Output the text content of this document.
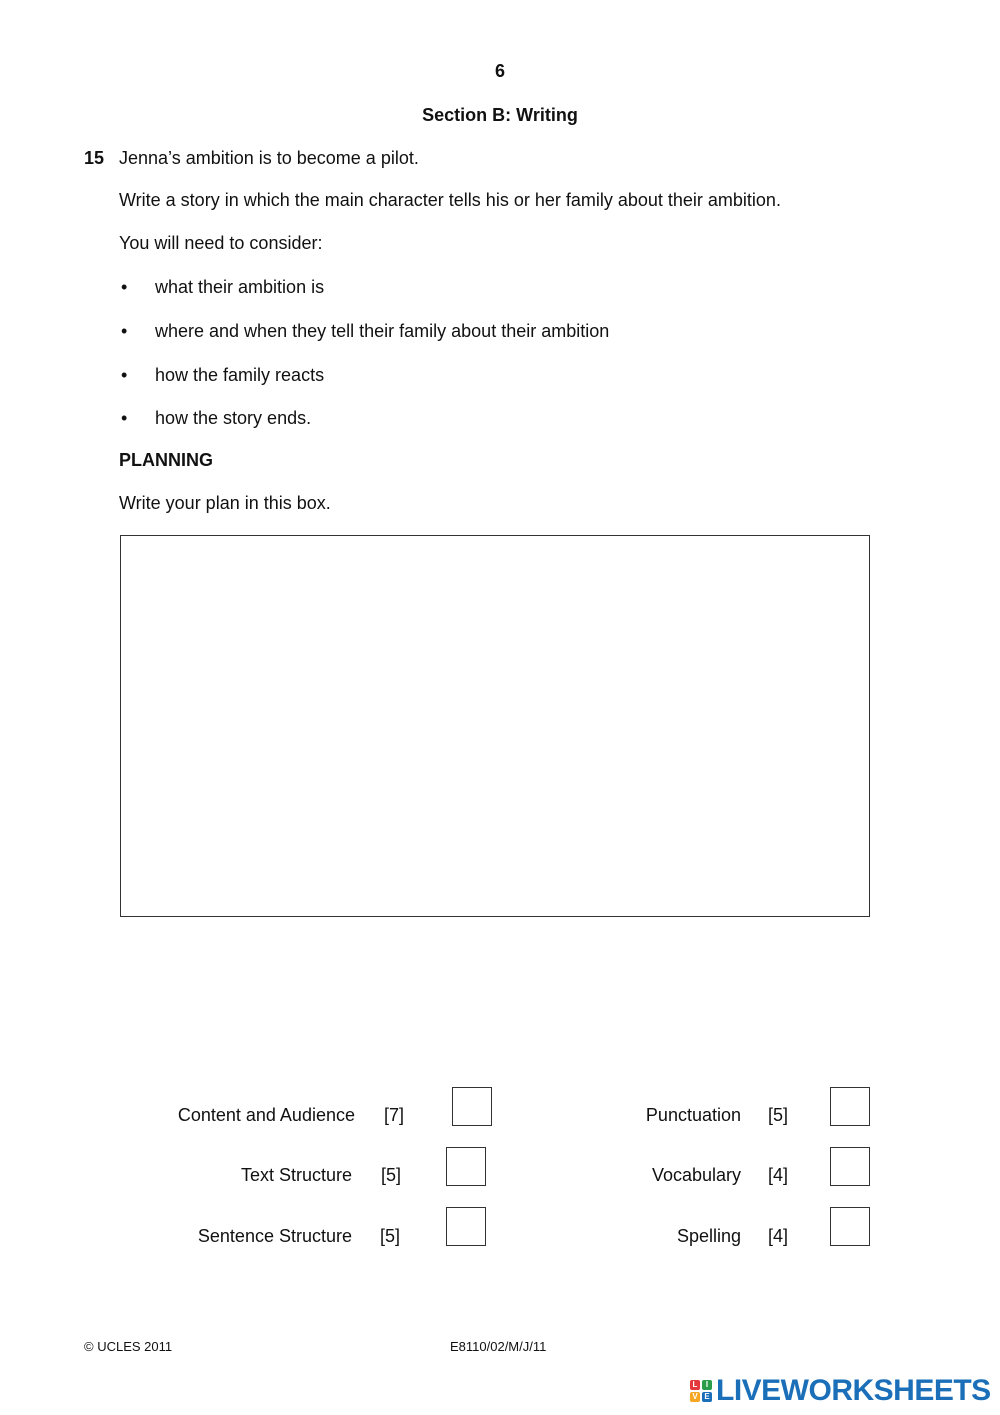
6
Section B: Writing
15 Jenna’s ambition is to become a pilot.
Write a story in which the main character tells his or her family about their ambition.
You will need to consider:
• what their ambition is
• where and when they tell their family about their ambition
• how the family reacts
• how the story ends.
PLANNING
Write your plan in this box.
Content and Audience [7]
Text Structure [5]
Sentence Structure [5]
Punctuation [5]
Vocabulary [4]
Spelling [4]
© UCLES 2011	E8110/02/M/J/11
L	I
V E LIVEWORKSHEETS
